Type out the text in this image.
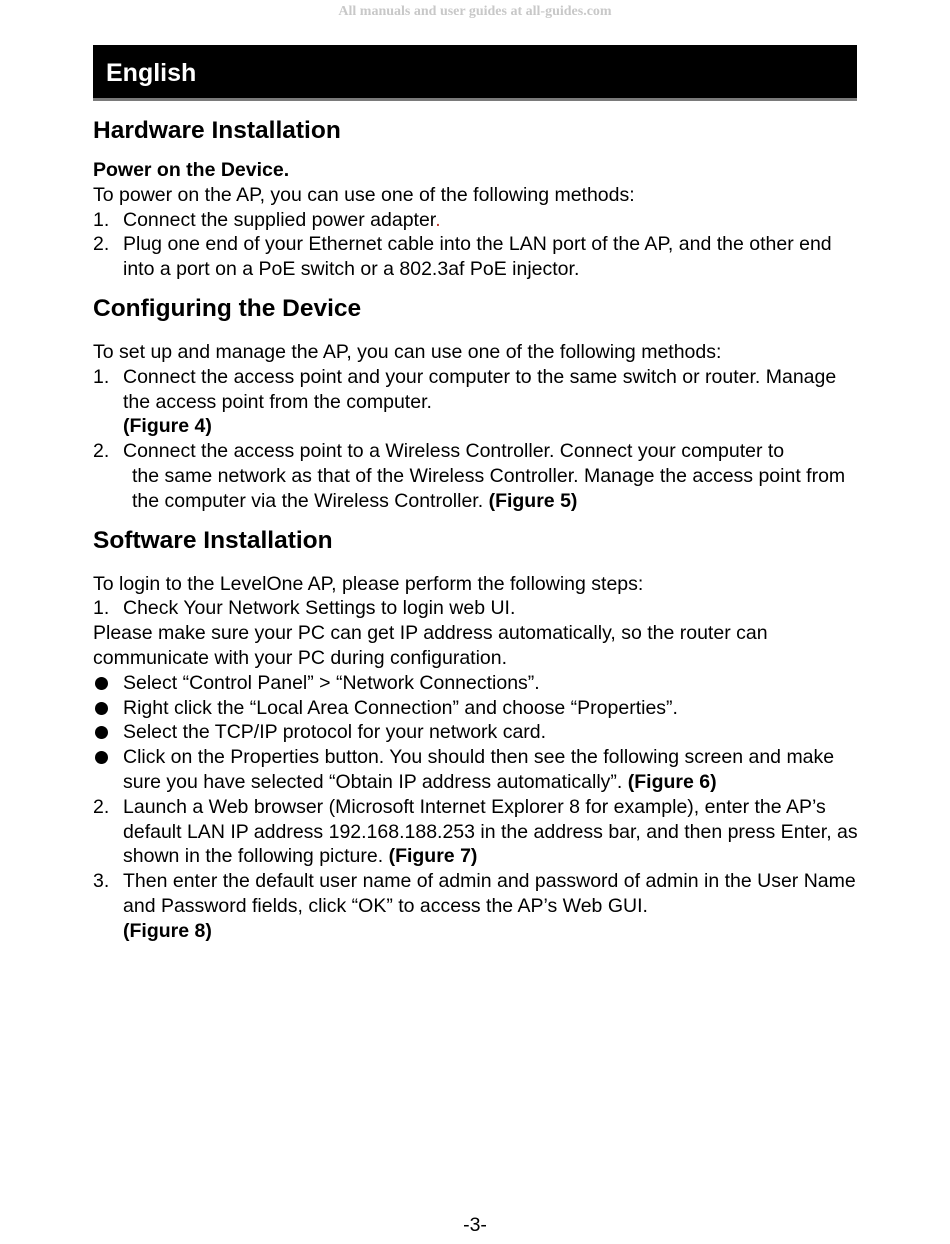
All manuals and user guides at all-guides.com
English
Hardware Installation

Power on the Device.

To power on the AP, you can use one of the following methods:

1. Connect the supplied power adapter.
2. Plug one end of your Ethernet cable into the LAN port of the AP, and the other end into a port on a PoE switch or a 802.3af PoE injector.
Configuring the Device

To set up and manage the AP, you can use one of the following methods:

1. Connect the access point and your computer to the same switch or router. Manage the access point from the computer.
(Figure 4)
2. Connect the access point to a Wireless Controller. Connect your computer to
the same network as that of the Wireless Controller. Manage the access point from the computer via the Wireless Controller. (Figure 5)
Software Installation

To login to the LevelOne AP, please perform the following steps:

1. Check Your Network Settings to login web UI.

Please make sure your PC can get IP address automatically, so the router can communicate with your PC during configuration.

Select “Control Panel” > “Network Connections”.
Right click the “Local Area Connection” and choose “Properties”.
Select the TCP/IP protocol for your network card.
Click on the Properties button. You should then see the following screen and make sure you have selected “Obtain IP address automatically”. (Figure 6)
2. Launch a Web browser (Microsoft Internet Explorer 8 for example), enter the AP’s default LAN IP address 192.168.188.253 in the address bar, and then press Enter, as shown in the following picture. (Figure 7)
3. Then enter the default user name of admin and password of admin in the User Name and Password fields, click “OK” to access the AP’s Web GUI.
(Figure 8)
-3-
